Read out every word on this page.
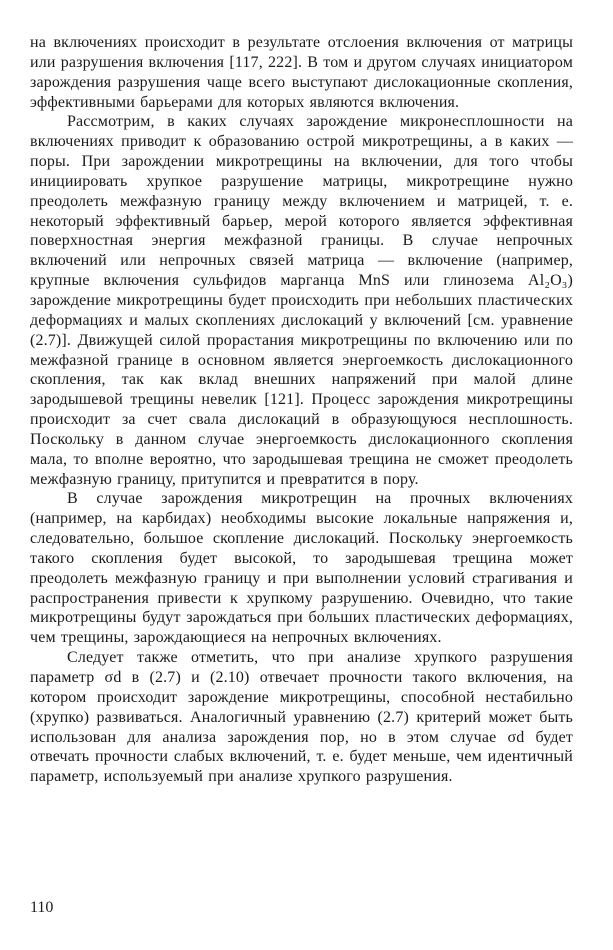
на включениях происходит в результате отслоения включения от матрицы или разрушения включения [117, 222]. В том и другом случаях инициатором зарождения разрушения чаще всего выступают дислокационные скопления, эффективными барьерами для которых являются включения.

Рассмотрим, в каких случаях зарождение микронесплошности на включениях приводит к образованию острой микротрещины, а в каких — поры. При зарождении микротрещины на включении, для того чтобы инициировать хрупкое разрушение матрицы, микротрещине нужно преодолеть межфазную границу между включением и матрицей, т. е. некоторый эффективный барьер, мерой которого является эффективная поверхностная энергия межфазной границы. В случае непрочных включений или непрочных связей матрица — включение (например, крупные включения сульфидов марганца MnS или глинозема Al₂O₃) зарождение микротрещины будет происходить при небольших пластических деформациях и малых скоплениях дислокаций у включений [см. уравнение (2.7)]. Движущей силой прорастания микротрещины по включению или по межфазной границе в основном является энергоемкость дислокационного скопления, так как вклад внешних напряжений при малой длине зародышевой трещины невелик [121]. Процесс зарождения микротрещины происходит за счет свала дислокаций в образующуюся несплошность. Поскольку в данном случае энергоемкость дислокационного скопления мала, то вполне вероятно, что зародышевая трещина не сможет преодолеть межфазную границу, притупится и превратится в пору.

В случае зарождения микротрещин на прочных включениях (например, на карбидах) необходимы высокие локальные напряжения и, следовательно, большое скопление дислокаций. Поскольку энергоемкость такого скопления будет высокой, то зародышевая трещина может преодолеть межфазную границу и при выполнении условий страгивания и распространения привести к хрупкому разрушению. Очевидно, что такие микротрещины будут зарождаться при бо́льших пластических деформациях, чем трещины, зарождающиеся на непрочных включениях.

Следует также отметить, что при анализе хрупкого разрушения параметр σd в (2.7) и (2.10) отвечает прочности такого включения, на котором происходит зарождение микротрещины, способной нестабильно (хрупко) развиваться. Аналогичный уравнению (2.7) критерий может быть использован для анализа зарождения пор, но в этом случае σd будет отвечать прочности слабых включений, т. е. будет меньше, чем идентичный параметр, используемый при анализе хрупкого разрушения.

110
